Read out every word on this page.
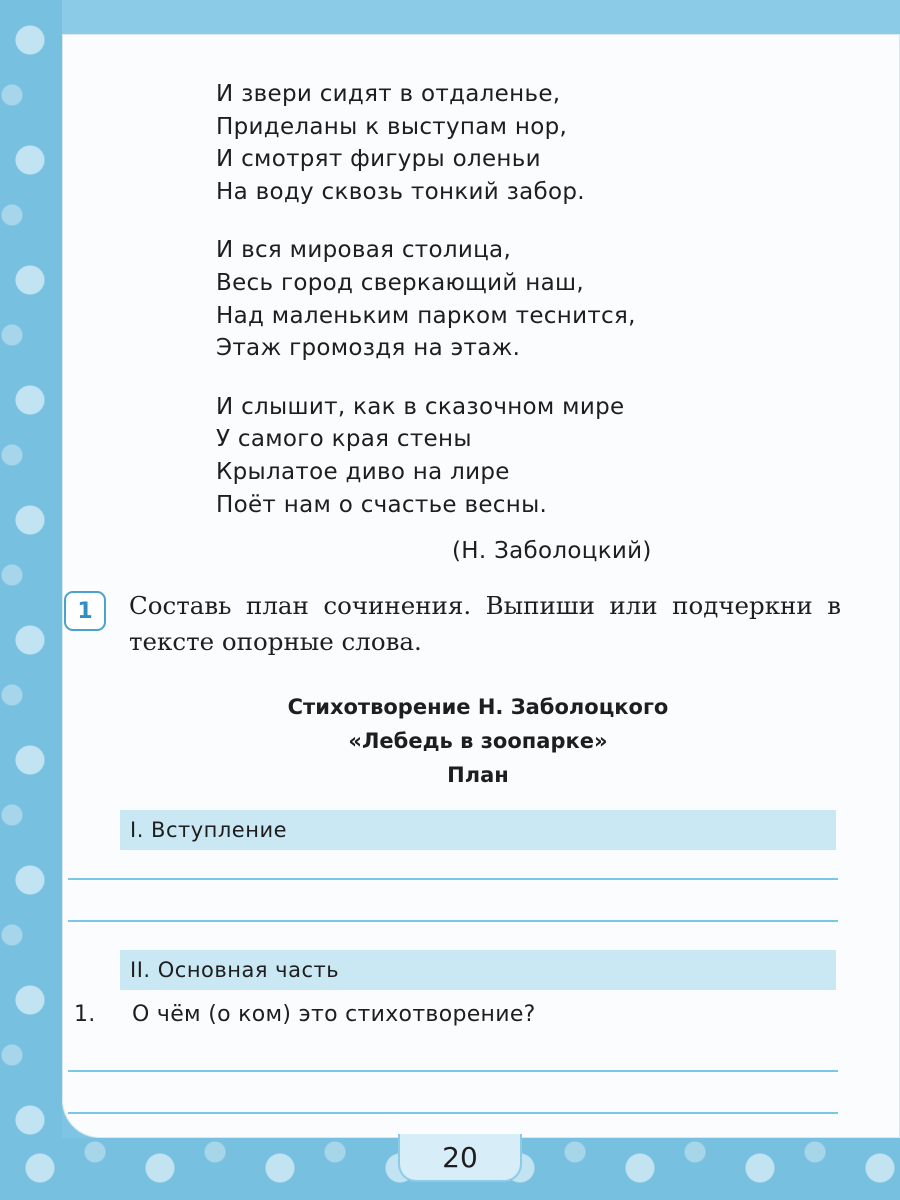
И звери сидят в отдаленье,
Приделаны к выступам нор,
И смотрят фигуры оленьи
На воду сквозь тонкий забор.
И вся мировая столица,
Весь город сверкающий наш,
Над маленьким парком теснится,
Этаж громоздя на этаж.
И слышит, как в сказочном мире
У самого края стены
Крылатое диво на лире
Поёт нам о счастье весны.
(Н. Заболоцкий)
1	Составь план сочинения. Выпиши или подчеркни в тексте опорные слова.
Стихотворение Н. Заболоцкого
«Лебедь в зоопарке»
План
I. Вступление
II. Основная часть
1. О чём (о ком) это стихотворение?
20
